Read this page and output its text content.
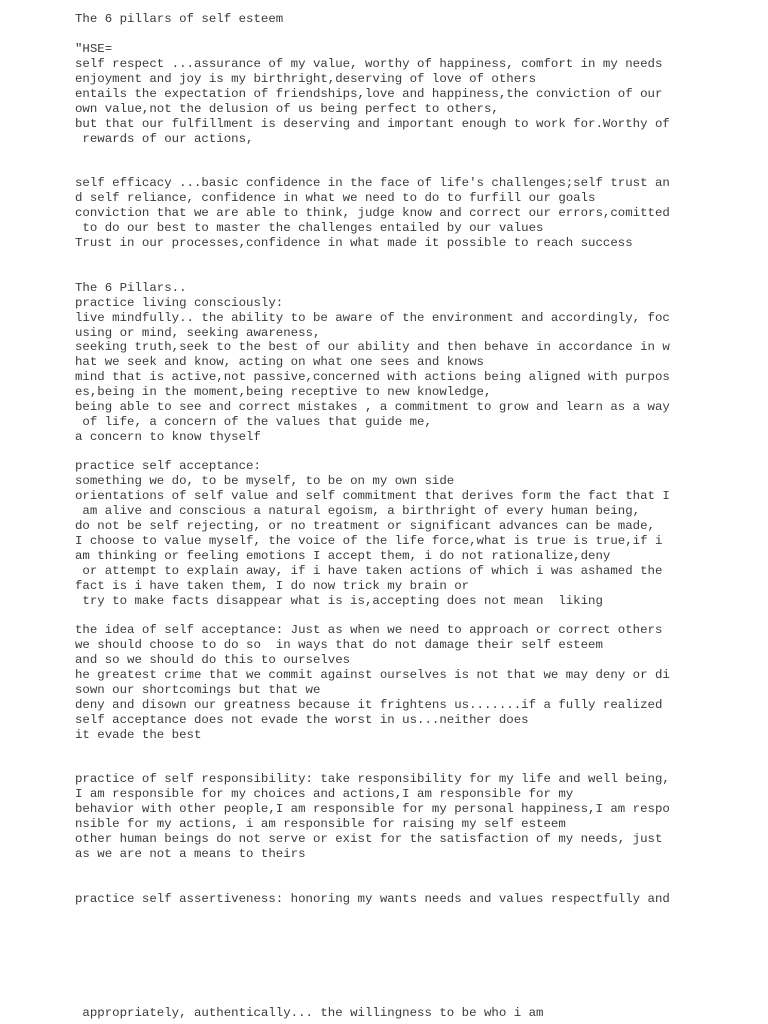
The 6 pillars of self esteem
"HSE=
self respect ...assurance of my value, worthy of happiness, comfort in my needs
enjoyment and joy is my birthright,deserving of love of others
entails the expectation of friendships,love and happiness,the conviction of our
own value,not the delusion of us being perfect to others,
but that our fulfillment is deserving and important enough to work for.Worthy of
rewards of our actions,
self efficacy ...basic confidence in the face of life's challenges;self trust an
d self reliance, confidence in what we need to do to furfill our goals
conviction that we are able to think, judge know and correct our errors,comitted
to do our best to master the challenges entailed by our values
Trust in our processes,confidence in what made it possible to reach success
The 6 Pillars..
practice living consciously:
live mindfully.. the ability to be aware of the environment and accordingly, foc
using or mind, seeking awareness,
seeking truth,seek to the best of our ability and then behave in accordance in w
hat we seek and know, acting on what one sees and knows
mind that is active,not passive,concerned with actions being aligned with purpos
es,being in the moment,being receptive to new knowledge,
being able to see and correct mistakes , a commitment to grow and learn as a way
of life, a concern of the values that guide me,
a concern to know thyself
practice self acceptance:
something we do, to be myself, to be on my own side
orientations of self value and self commitment that derives form the fact that I
am alive and conscious a natural egoism, a birthright of every human being,
do not be self rejecting, or no treatment or significant advances can be made,
I choose to value myself, the voice of the life force,what is true is true,if i
am thinking or feeling emotions I accept them, i do not rationalize,deny
or attempt to explain away, if i have taken actions of which i was ashamed the
fact is i have taken them, I do now trick my brain or
try to make facts disappear what is is,accepting does not mean  liking
the idea of self acceptance: Just as when we need to approach or correct others
we should choose to do so  in ways that do not damage their self esteem
and so we should do this to ourselves
he greatest crime that we commit against ourselves is not that we may deny or di
sown our shortcomings but that we
deny and disown our greatness because it frightens us.......if a fully realized
self acceptance does not evade the worst in us...neither does
it evade the best
practice of self responsibility: take responsibility for my life and well being,
I am responsible for my choices and actions,I am responsible for my
behavior with other people,I am responsible for my personal happiness,I am respo
nsible for my actions, i am responsible for raising my self esteem
other human beings do not serve or exist for the satisfaction of my needs, just
as we are not a means to theirs
practice self assertiveness: honoring my wants needs and values respectfully and
appropriately, authentically... the willingness to be who i am
